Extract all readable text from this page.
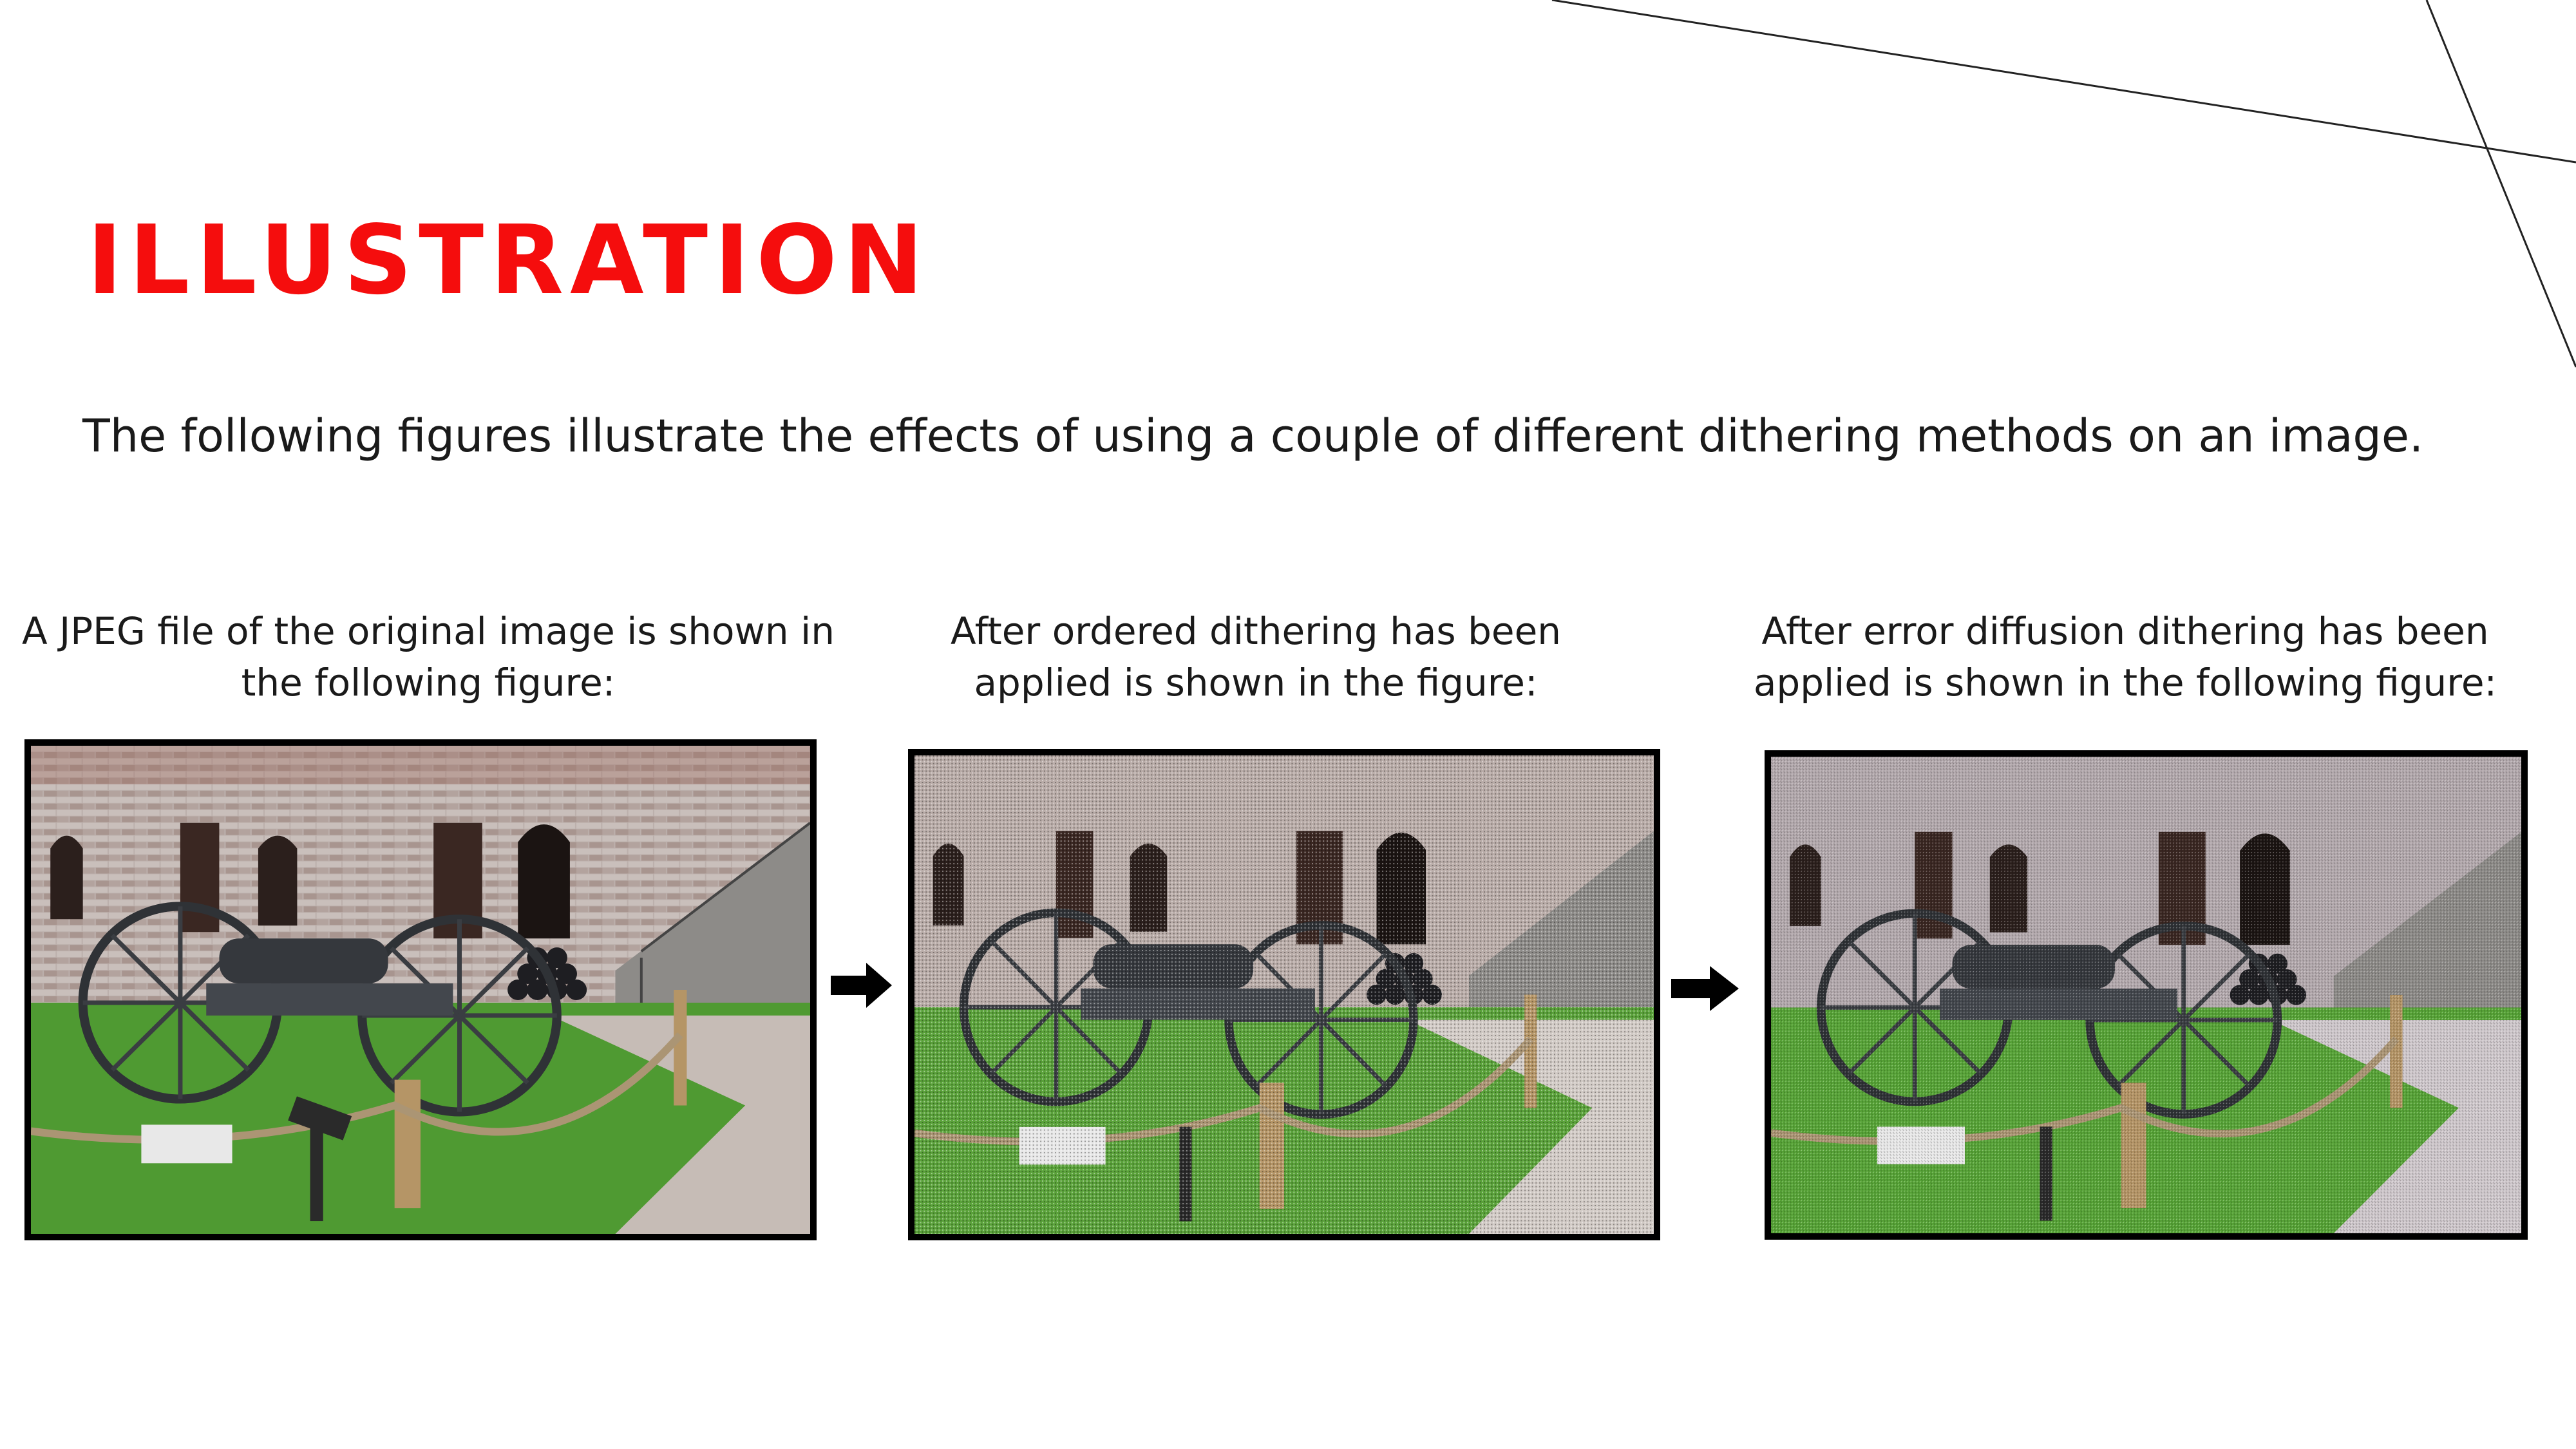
ILLUSTRATION
The following figures illustrate the effects of using a couple of different dithering methods on an image.
A JPEG file of the original image is shown in the following figure:
After ordered dithering has been applied is shown in the figure:
After error diffusion dithering has been applied is shown in the following figure:
